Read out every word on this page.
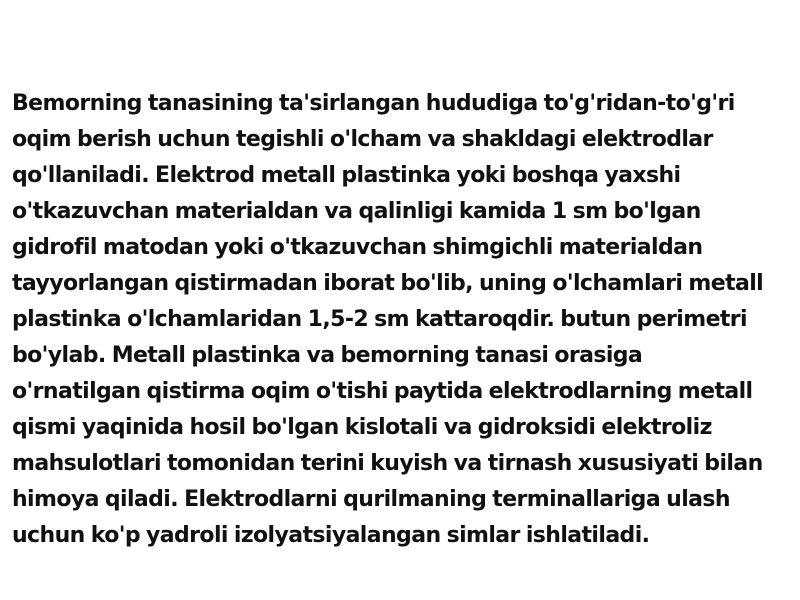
Bemorning tanasining ta'sirlangan hududiga to'g'ridan-to'g'ri
oqim berish uchun tegishli o'lcham va shakldagi elektrodlar
qo'llaniladi. Elektrod metall plastinka yoki boshqa yaxshi
o'tkazuvchan materialdan va qalinligi kamida 1 sm bo'lgan
gidrofil matodan yoki o'tkazuvchan shimgichli materialdan
tayyorlangan qistirmadan iborat bo'lib, uning o'lchamlari metall
plastinka o'lchamlaridan 1,5-2 sm kattaroqdir. butun perimetri
bo'ylab. Metall plastinka va bemorning tanasi orasiga
o'rnatilgan qistirma oqim o'tishi paytida elektrodlarning metall
qismi yaqinida hosil bo'lgan kislotali va gidroksidi elektroliz
mahsulotlari tomonidan terini kuyish va tirnash xususiyati bilan
himoya qiladi. Elektrodlarni qurilmaning terminallariga ulash
uchun ko'p yadroli izolyatsiyalangan simlar ishlatiladi.
